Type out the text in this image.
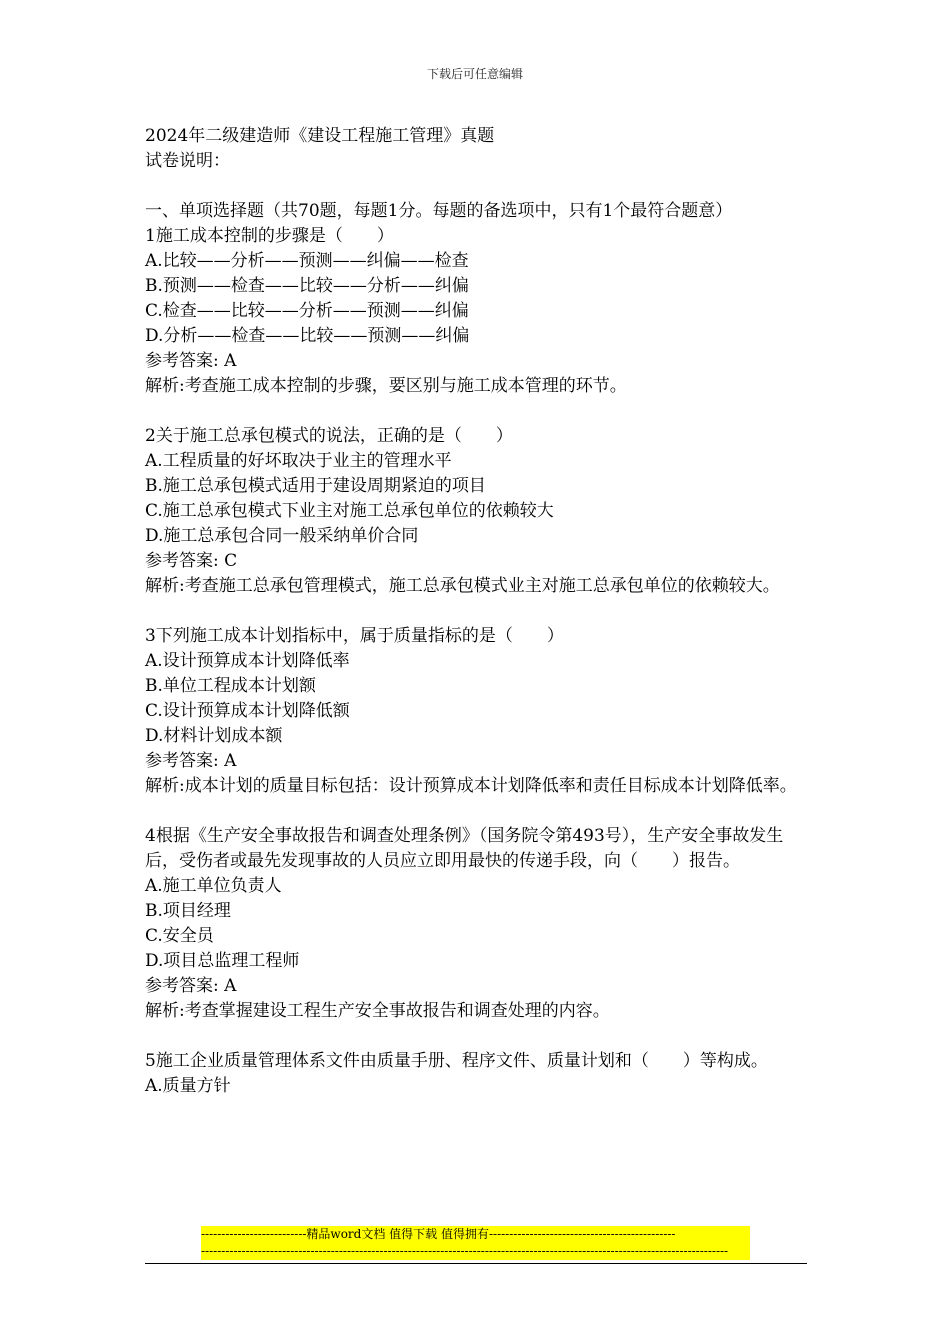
下载后可任意编辑
2024年二级建造师《建设工程施工管理》真题
试卷说明：
一、单项选择题（共70题，每题1分。每题的备选项中，只有1个最符合题意）
1施工成本控制的步骤是（　　）
A.比较——分析——预测——纠偏——检查
B.预测——检查——比较——分析——纠偏
C.检查——比较——分析——预测——纠偏
D.分析——检查——比较——预测——纠偏
参考答案: A
解析:考查施工成本控制的步骤，要区别与施工成本管理的环节。
2关于施工总承包模式的说法，正确的是（　　）
A.工程质量的好坏取决于业主的管理水平
B.施工总承包模式适用于建设周期紧迫的项目
C.施工总承包模式下业主对施工总承包单位的依赖较大
D.施工总承包合同一般采纳单价合同
参考答案: C
解析:考查施工总承包管理模式，施工总承包模式业主对施工总承包单位的依赖较大。
3下列施工成本计划指标中，属于质量指标的是（　　）
A.设计预算成本计划降低率
B.单位工程成本计划额
C.设计预算成本计划降低额
D.材料计划成本额
参考答案: A
解析:成本计划的质量目标包括：设计预算成本计划降低率和责任目标成本计划降低率。
4根据《生产安全事故报告和调查处理条例》（国务院令第493号），生产安全事故发生后，受伤者或最先发现事故的人员应立即用最快的传递手段，向（　　）报告。
A.施工单位负责人
B.项目经理
C.安全员
D.项目总监理工程师
参考答案: A
解析:考查掌握建设工程生产安全事故报告和调查处理的内容。
5施工企业质量管理体系文件由质量手册、程序文件、质量计划和（　　）等构成。
A.质量方针
--------------------------精品word文档 值得下载 值得拥有----------------------------------------------
----------------------------------------------------------------------------------------------------------------------------------
